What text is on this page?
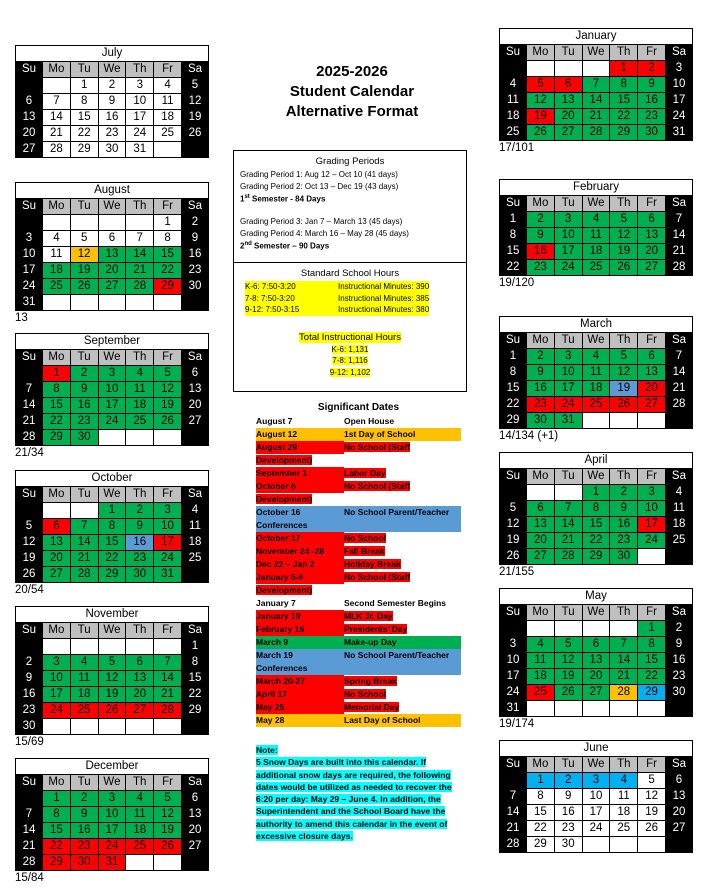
2025-2026
Student Calendar
Alternative Format
July						
Su	Mo	Tu	We	Th	Fr	Sa
		1	2	3	4	5
6	7	8	9	10	11	12
13	14	15	16	17	18	19
20	21	22	23	24	25	26
27	28	29	30	31		
August						
Su	Mo	Tu	We	Th	Fr	Sa
					1	2
3	4	5	6	7	8	9
10	11	12	13	14	15	16
17	18	19	20	21	22	23
24	25	26	27	28	29	30
31						
13
September						
Su	Mo	Tu	We	Th	Fr	Sa
	1	2	3	4	5	6
7	8	9	10	11	12	13
14	15	16	17	18	19	20
21	22	23	24	25	26	27
28	29	30				
21/34
October						
Su	Mo	Tu	We	Th	Fr	Sa
			1	2	3	4
5	6	7	8	9	10	11
12	13	14	15	16	17	18
19	20	21	22	23	24	25
26	27	28	29	30	31	
20/54
November						
Su	Mo	Tu	We	Th	Fr	Sa
						1
2	3	4	5	6	7	8
9	10	11	12	13	14	15
16	17	18	19	20	21	22
23	24	25	26	27	28	29
30						
15/69
December						
Su	Mo	Tu	We	Th	Fr	Sa
	1	2	3	4	5	6
7	8	9	10	11	12	13
14	15	16	17	18	19	20
21	22	23	24	25	26	27
28	29	30	31			
15/84
January						
Su	Mo	Tu	We	Th	Fr	Sa
				1	2	3
4	5	6	7	8	9	10
11	12	13	14	15	16	17
18	19	20	21	22	23	24
25	26	27	28	29	30	31
17/101
February						
Su	Mo	Tu	We	Th	Fr	Sa
1	2	3	4	5	6	7
8	9	10	11	12	13	14
15	16	17	18	19	20	21
22	23	24	25	26	27	28
19/120
March						
Su	Mo	Tu	We	Th	Fr	Sa
1	2	3	4	5	6	7
8	9	10	11	12	13	14
15	16	17	18	19	20	21
22	23	24	25	26	27	28
29	30	31				
14/134 (+1)
April						
Su	Mo	Tu	We	Th	Fr	Sa
			1	2	3	4
5	6	7	8	9	10	11
12	13	14	15	16	17	18
19	20	21	22	23	24	25
26	27	28	29	30		
21/155
May						
Su	Mo	Tu	We	Th	Fr	Sa
					1	2
3	4	5	6	7	8	9
10	11	12	13	14	15	16
17	18	19	20	21	22	23
24	25	26	27	28	29	30
31						
19/174
June						
Su	Mo	Tu	We	Th	Fr	Sa
	1	2	3	4	5	6
7	8	9	10	11	12	13
14	15	16	17	18	19	20
21	22	23	24	25	26	27
28	29	30				
Grading Periods
Grading Period 1: Aug 12 – Oct 10 (41 days)
Grading Period 2: Oct 13 – Dec 19 (43 days)
1st Semester - 84 Days
Grading Period 3: Jan 7 – March 13 (45 days)
Grading Period 4: March 16 – May 28 (45 days)
2nd Semester – 90 Days
Standard School Hours
K-6: 7:50-3:20	Instructional Minutes: 390
7-8: 7:50-3:20	Instructional Minutes: 385
9-12: 7:50-3:15	Instructional Minutes: 380
Total Instructional Hours
K-6: 1,131
7-8: 1,116
9-12: 1,102
Significant Dates
August 7	Open House
August 12	1st Day of School
August 29	No School (Staff Development)
September 1	Labor Day
October 6	No School (Staff Development)
October 16	No School Parent/Teacher Conferences
October 17	No School
November 24 -28 Fall Break
Dec 22 – Jan 2	Holiday Break
January 5-6	No School (Staff Development)
January 7	Second Semester Begins
January 19	MLK Jr. Day
February 16	Presidents’ Day
March 9	Make-up Day
March 19	No School Parent/Teacher Conferences
March 20-27	Spring Break
April 17	No School
May 25	Memorial Day
May 28	Last Day of School
Note:
5 Snow Days are built into this calendar. If additional snow days are required, the following dates would be utilized as needed to recover the 6:20 per day: May 29 – June 4. In addition, the Superintendent and the School Board have the authority to amend this calendar in the event of excessive closure days.
